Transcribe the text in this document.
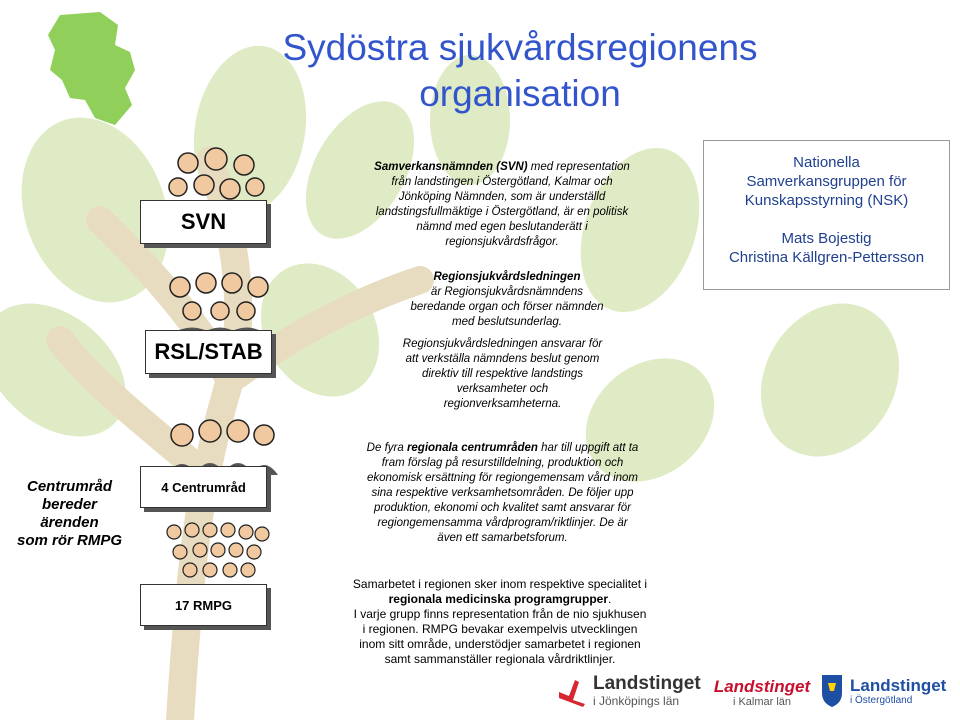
Sydöstra sjukvårdsregionens
organisation
SVN
RSL/STAB
4 Centrumråd
17 RMPG
Samverkansnämnden (SVN) med representation
från landstingen i Östergötland, Kalmar och
Jönköping Nämnden, som är underställd
landstingsfullmäktige i Östergötland, är en politisk
nämnd med egen beslutanderätt i
regionsjukvårdsfrågor.
Regionsjukvårdsledningen
är Regionsjukvårdsnämndens
beredande organ och förser nämnden
med beslutsunderlag.
Regionsjukvårdsledningen ansvarar för
att verkställa nämndens beslut genom
direktiv till respektive landstings
verksamheter och
regionverksamheterna.
De fyra regionala centrumråden har till uppgift att ta
fram förslag på resurstilldelning, produktion och
ekonomisk ersättning för regiongemensam vård inom
sina respektive verksamhetsområden. De följer upp
produktion, ekonomi och kvalitet samt ansvarar för
regiongemensamma vårdprogram/riktlinjer. De är
även ett samarbetsforum.
Samarbetet i regionen sker inom respektive specialitet i
regionala medicinska programgrupper.
I varje grupp finns representation från de nio sjukhusen
i regionen. RMPG bevakar exempelvis utvecklingen
inom sitt område, understödjer samarbetet i regionen
samt sammanställer regionala vårdriktlinjer.
Nationella
Samverkansgruppen för
Kunskapsstyrning (NSK)
Mats Bojestig
Christina Källgren-Pettersson
Centrumråd
bereder
ärenden
som rör RMPG
Landstinget
i Jönköpings län
Landstinget
i Kalmar län
Landstinget
i Östergötland
